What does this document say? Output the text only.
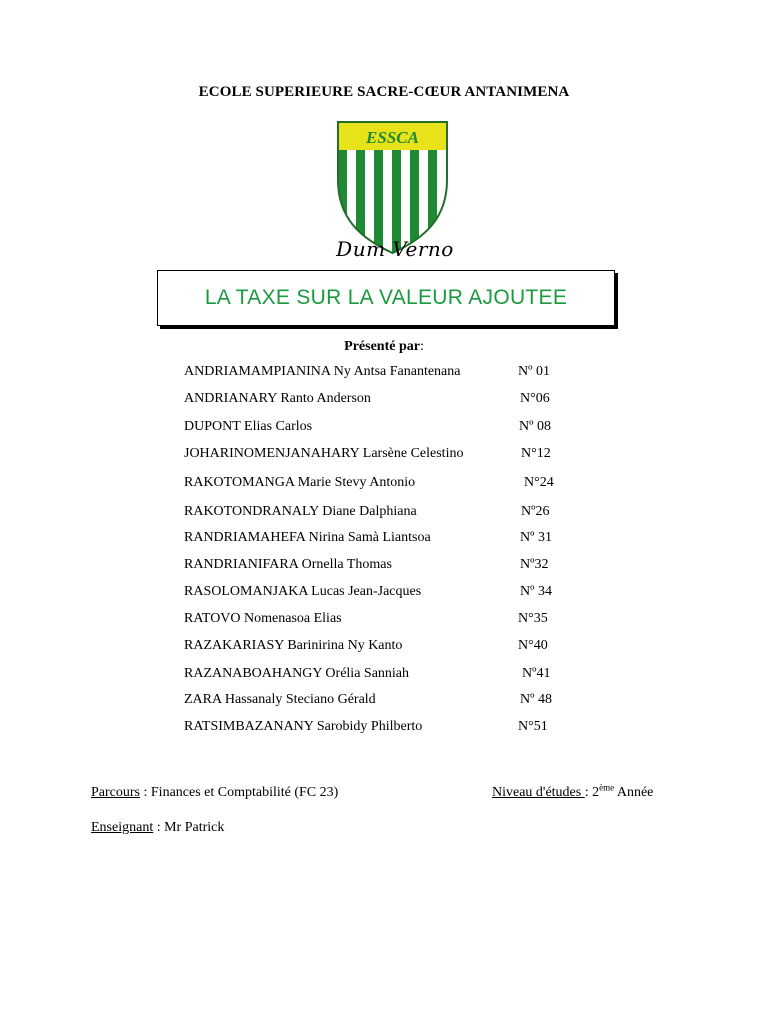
ECOLE SUPERIEURE SACRE-CŒUR ANTANIMENA
ESSCA
Dum Verno
LA TAXE SUR LA VALEUR AJOUTEE
Présenté par:
ANDRIAMAMPIANINA Ny Antsa Fanantenana	Nº 01
ANDRIANARY Ranto Anderson	N°06
DUPONT Elias Carlos	Nº 08
JOHARINOMENJANAHARY Larsène Celestino	N°12
RAKOTOMANGA Marie Stevy Antonio	N°24
RAKOTONDRANALY Diane Dalphiana	Nº26
RANDRIAMAHEFA Nirina Samà Liantsoa	Nº 31
RANDRIANIFARA Ornella Thomas	Nº32
RASOLOMANJAKA Lucas Jean-Jacques	Nº 34
RATOVO Nomenasoa Elias	N°35
RAZAKARIASY Barinirina Ny Kanto	N°40
RAZANABOAHANGY Orélia Sanniah	Nº41
ZARA Hassanaly Steciano Gérald	Nº 48
RATSIMBAZANANY Sarobidy Philberto	N°51
Parcours : Finances et Comptabilité (FC 23)	Niveau d'études : 2ème Année
Enseignant : Mr Patrick
